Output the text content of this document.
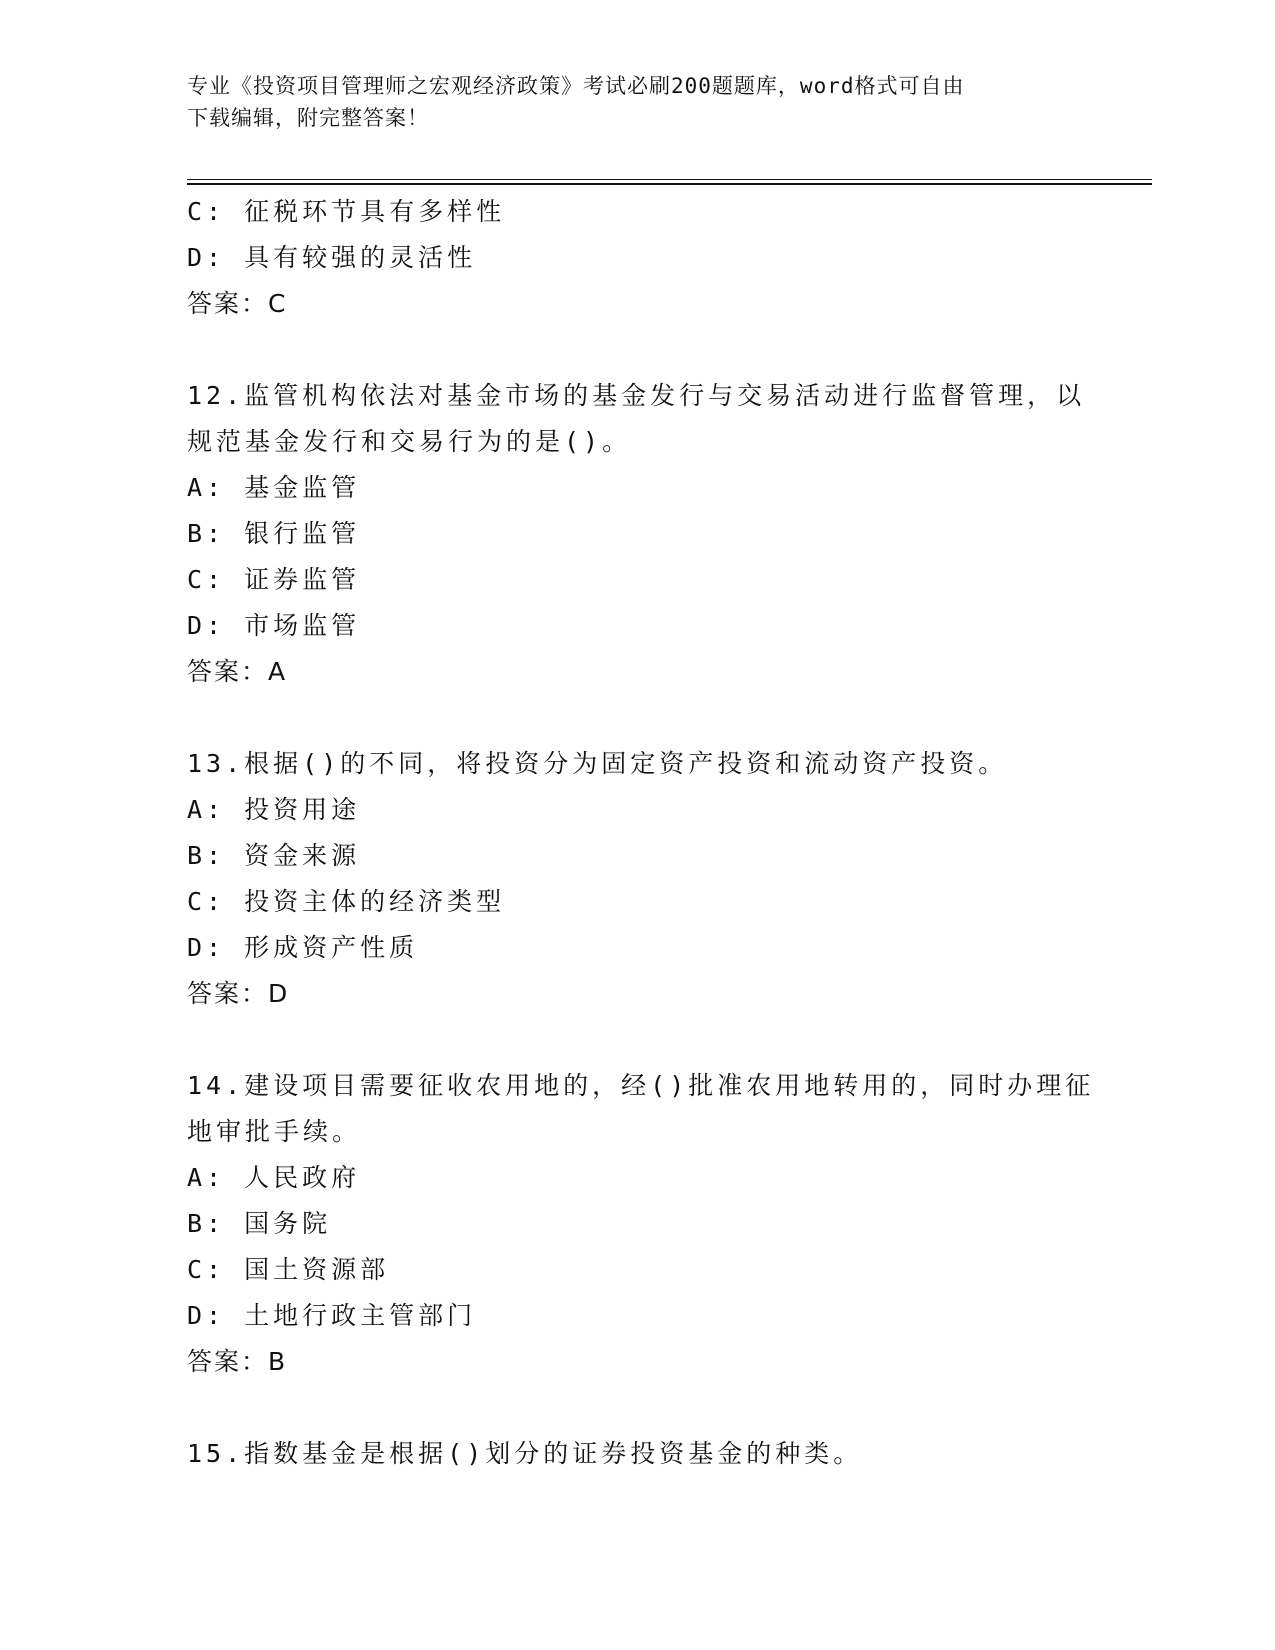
专业《投资项目管理师之宏观经济政策》考试必刷200题题库，word格式可自由
下载编辑，附完整答案！
C: 征税环节具有多样性
D: 具有较强的灵活性
答案：C
12.监管机构依法对基金市场的基金发行与交易活动进行监督管理，以
规范基金发行和交易行为的是()。
A: 基金监管
B: 银行监管
C: 证券监管
D: 市场监管
答案：A
13.根据()的不同，将投资分为固定资产投资和流动资产投资。
A: 投资用途
B: 资金来源
C: 投资主体的经济类型
D: 形成资产性质
答案：D
14.建设项目需要征收农用地的，经()批准农用地转用的，同时办理征
地审批手续。
A: 人民政府
B: 国务院
C: 国土资源部
D: 土地行政主管部门
答案：B
15.指数基金是根据()划分的证券投资基金的种类。
